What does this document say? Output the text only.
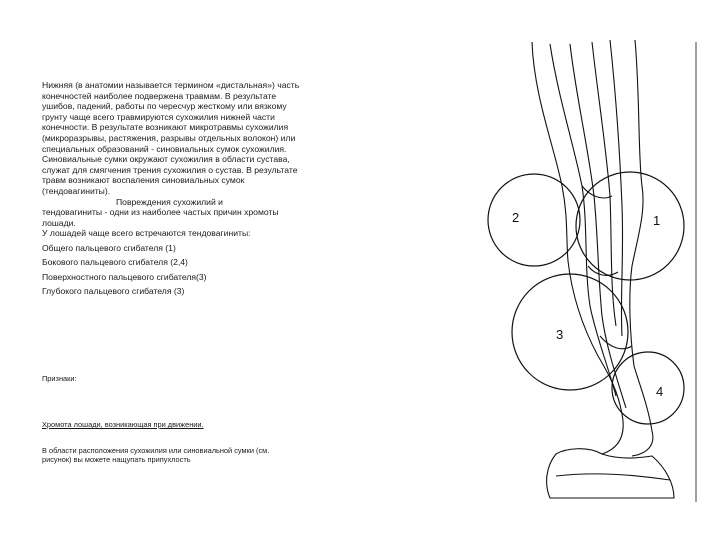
Нижняя (в анатомии называется термином «дистальная») часть конечностей наиболее подвержена травмам. В результате ушибов, падений, работы по чересчур жесткому или вязкому грунту чаще всего травмируются сухожилия нижней части конечности. В результате возникают микротравмы сухожилия (микроразрывы, растяжения, разрывы отдельных волокон) или специальных образований - синовиальных сумок сухожилия. Синовиальные сумки окружают сухожилия в области сустава, служат для смягчения трения сухожилия о сустав. В результате травм возникают воспаления синовиальных сумок (тендовагиниты).

Повреждения сухожилий и
тендовагиниты - одни из наиболее частых причин хромоты лошади.

У лошадей чаще всего встречаются тендовагиниты:

Общего пальцевого сгибателя (1)
Бокового пальцевого сгибателя (2,4)
Поверхностного пальцевого сгибателя(3)
Глубокого пальцевого сгибателя (3)

Признаки:

Хромота лошади, возникающая при движении.

В области расположения сухожилия или синовиальной сумки (см. рисунок) вы можете нащупать припухлость

1
2
3
4
